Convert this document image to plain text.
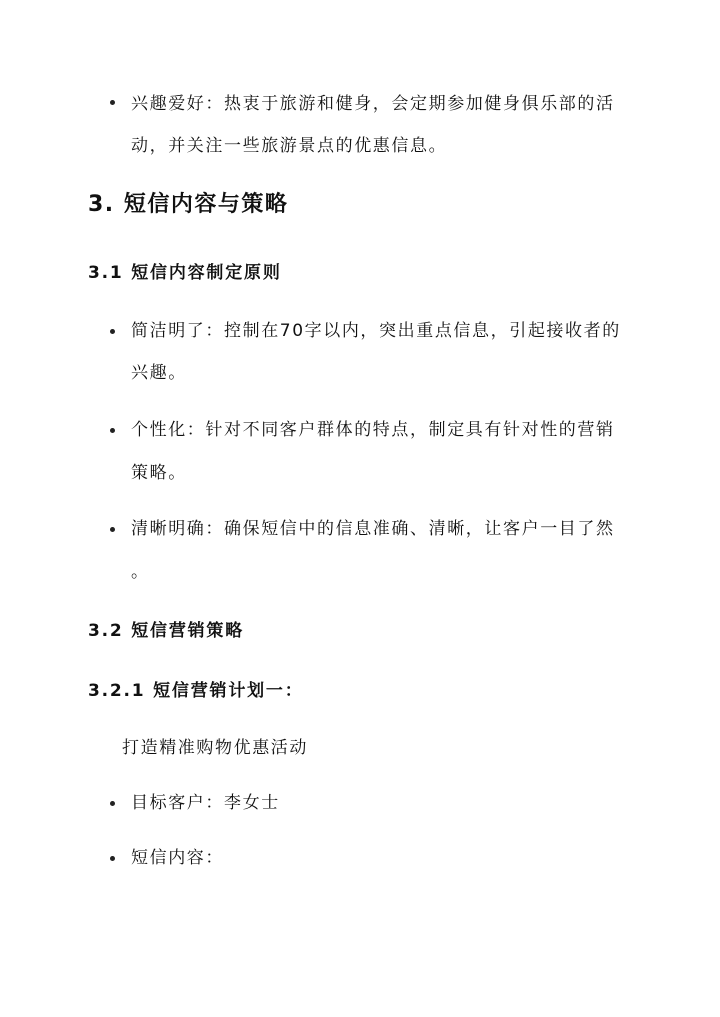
兴趣爱好：热衷于旅游和健身，会定期参加健身俱乐部的活
动，并关注一些旅游景点的优惠信息。
3. 短信内容与策略
3.1 短信内容制定原则
简洁明了：控制在70字以内，突出重点信息，引起接收者的
兴趣。
个性化：针对不同客户群体的特点，制定具有针对性的营销
策略。
清晰明确：确保短信中的信息准确、清晰，让客户一目了然
。
3.2 短信营销策略
3.2.1 短信营销计划一：
打造精准购物优惠活动
目标客户：李女士
短信内容：
